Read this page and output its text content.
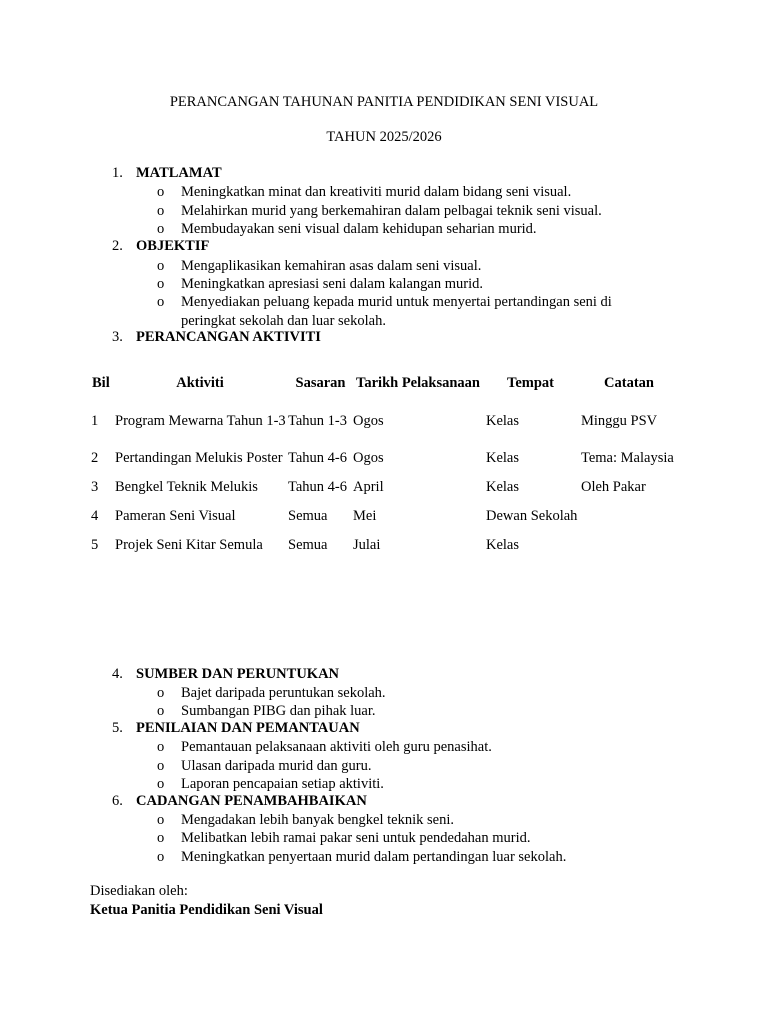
PERANCANGAN TAHUNAN PANITIA PENDIDIKAN SENI VISUAL
TAHUN 2025/2026
1. MATLAMAT
o Meningkatkan minat dan kreativiti murid dalam bidang seni visual.
o Melahirkan murid yang berkemahiran dalam pelbagai teknik seni visual.
o Membudayakan seni visual dalam kehidupan seharian murid.
2. OBJEKTIF
o Mengaplikasikan kemahiran asas dalam seni visual.
o Meningkatkan apresiasi seni dalam kalangan murid.
o Menyediakan peluang kepada murid untuk menyertai pertandingan seni di peringkat sekolah dan luar sekolah.
3. PERANCANGAN AKTIVITI
Bil	Aktiviti	Sasaran	Tarikh Pelaksanaan	Tempat	Catatan
1	Program Mewarna Tahun 1-3	Tahun 1-3	Ogos	Kelas	Minggu PSV
2	Pertandingan Melukis Poster	Tahun 4-6	Ogos	Kelas	Tema: Malaysia
3	Bengkel Teknik Melukis	Tahun 4-6	April	Kelas	Oleh Pakar
4	Pameran Seni Visual	Semua	Mei	Dewan Sekolah	
5	Projek Seni Kitar Semula	Semua	Julai	Kelas	
4. SUMBER DAN PERUNTUKAN
o Bajet daripada peruntukan sekolah.
o Sumbangan PIBG dan pihak luar.
5. PENILAIAN DAN PEMANTAUAN
o Pemantauan pelaksanaan aktiviti oleh guru penasihat.
o Ulasan daripada murid dan guru.
o Laporan pencapaian setiap aktiviti.
6. CADANGAN PENAMBAHBAIKAN
o Mengadakan lebih banyak bengkel teknik seni.
o Melibatkan lebih ramai pakar seni untuk pendedahan murid.
o Meningkatkan penyertaan murid dalam pertandingan luar sekolah.
Disediakan oleh:
Ketua Panitia Pendidikan Seni Visual
